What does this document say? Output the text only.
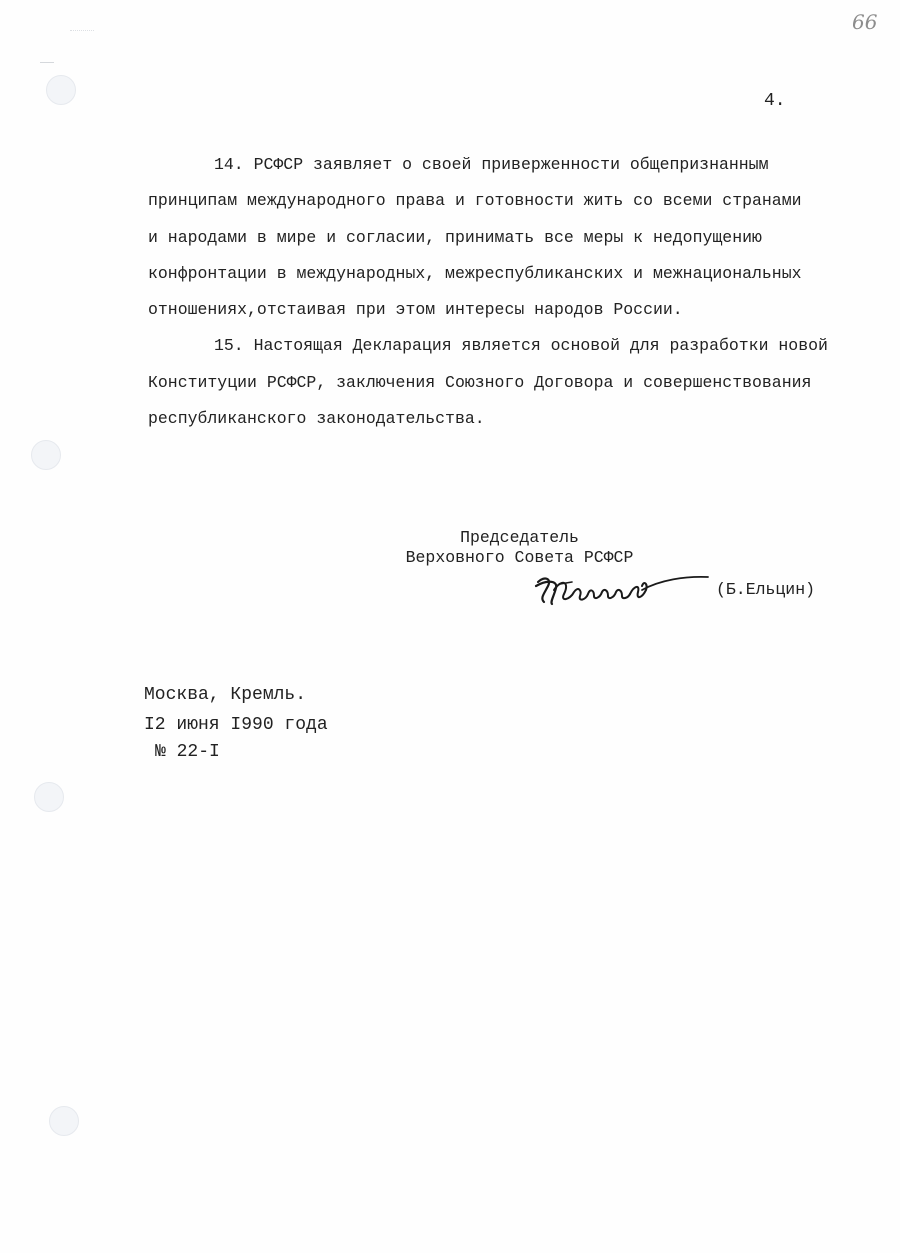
66
4.
14. РСФСР заявляет о своей приверженности общепризнанным
принципам международного права и готовности жить со всеми странами
и народами в мире и согласии, принимать все меры к недопущению
конфронтации в международных, межреспубликанских и межнациональных
отношениях,отстаивая при этом интересы народов России.
15. Настоящая Декларация является основой для разработки новой
Конституции РСФСР, заключения Союзного Договора и совершенствования
республиканского законодательства.
Председатель
Верховного Совета РСФСР
(Б.Ельцин)
Москва, Кремль.
I2 июня I990 года
№ 22-I
